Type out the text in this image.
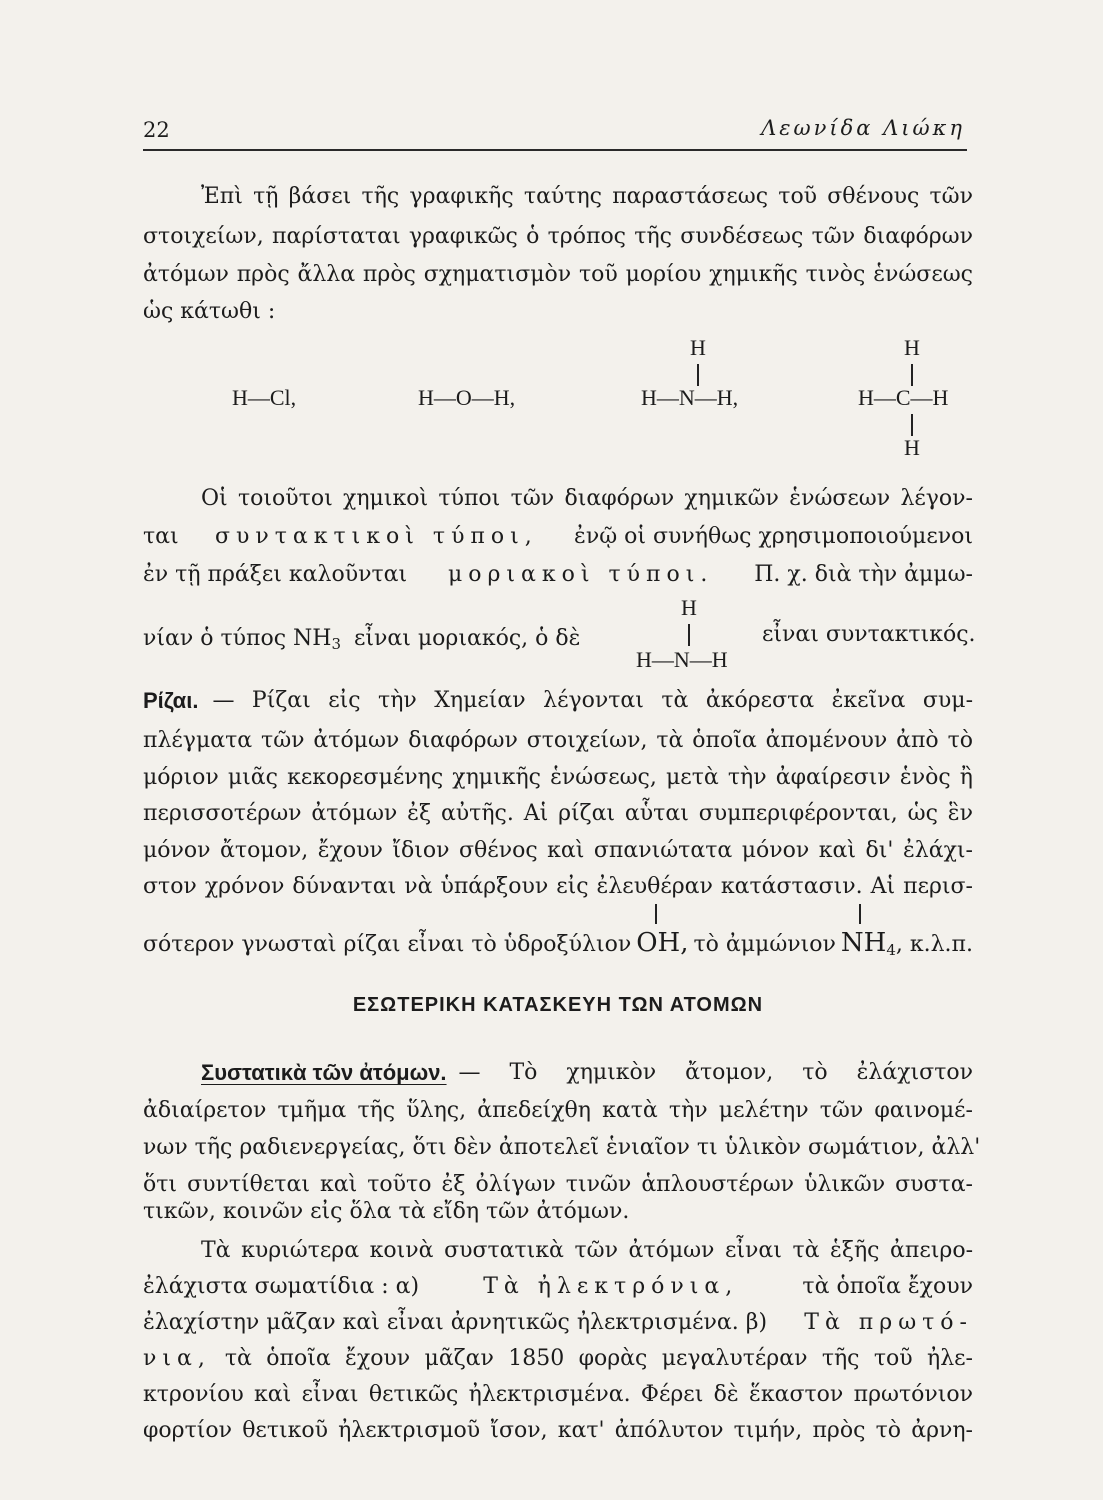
22	Λεωνίδα Λιώκη
Ἐπὶ τῇ βάσει τῆς γραφικῆς ταύτης παραστάσεως τοῦ σθένους τῶν
στοιχείων, παρίσταται γραφικῶς ὁ τρόπος τῆς συνδέσεως τῶν διαφόρων
ἀτόμων πρὸς ἄλλα πρὸς σχηματισμὸν τοῦ μορίου χημικῆς τινὸς ἑνώσεως
ὡς κάτωθι :
H—Cl,	H—O—H,
H
H—N—H,
H
H—C—H
H
Οἱ τοιοῦτοι χημικοὶ τύποι τῶν διαφόρων χημικῶν ἑνώσεων λέγον-
ται συντακτικοὶ τύποι, ἐνῷ οἱ συνήθως χρησιμοποιούμενοι
ἐν τῇ πράξει καλοῦνται μοριακοὶ τύποι. Π. χ. διὰ τὴν ἀμμω-
νίαν ὁ τύπος $NH_3$ εἶναι μοριακός, ὁ δὲ
H
H—N—H
εἶναι συντακτικός.
Ρίζαι. — Ρίζαι εἰς τὴν Χημείαν λέγονται τὰ ἀκόρεστα ἐκεῖνα συμ-
πλέγματα τῶν ἀτόμων διαφόρων στοιχείων, τὰ ὁποῖα ἀπομένουν ἀπὸ τὸ
μόριον μιᾶς κεκορεσμένης χημικῆς ἑνώσεως, μετὰ τὴν ἀφαίρεσιν ἑνὸς ἢ
περισσοτέρων ἀτόμων ἐξ αὐτῆς. Αἱ ρίζαι αὗται συμπεριφέρονται, ὡς ἓν
μόνον ἄτομον, ἔχουν ἴδιον σθένος καὶ σπανιώτατα μόνον καὶ δι' ἐλάχι-
στον χρόνον δύνανται νὰ ὑπάρξουν εἰς ἐλευθέραν κατάστασιν. Αἱ περισ-
σότερον γνωσταὶ ρίζαι εἶναι τὸ ὑδροξύλιον OH, τὸ ἀμμώνιον $NH_4$, κ.λ.π.
ΕΣΩΤΕΡΙΚΗ ΚΑΤΑΣΚΕΥΗ ΤΩΝ ΑΤΟΜΩΝ
Συστατικὰ τῶν ἀτόμων. — Τὸ χημικὸν ἄτομον, τὸ ἐλάχιστον
ἀδιαίρετον τμῆμα τῆς ὕλης, ἀπεδείχθη κατὰ τὴν μελέτην τῶν φαινομέ-
νων τῆς ραδιενεργείας, ὅτι δὲν ἀποτελεῖ ἑνιαῖον τι ὑλικὸν σωμάτιον, ἀλλ'
ὅτι συντίθεται καὶ τοῦτο ἐξ ὀλίγων τινῶν ἁπλουστέρων ὑλικῶν συστα-
τικῶν, κοινῶν εἰς ὅλα τὰ εἴδη τῶν ἀτόμων.
Τὰ κυριώτερα κοινὰ συστατικὰ τῶν ἀτόμων εἶναι τὰ ἑξῆς ἀπειρο-
ἐλάχιστα σωματίδια : α)	Τὰ ἠλεκτρόνια,	τὰ ὁποῖα ἔχουν
ἐλαχίστην μᾶζαν καὶ εἶναι ἀρνητικῶς ἠλεκτρισμένα. β) Τὰ πρωτό-
νια, τὰ ὁποῖα ἔχουν μᾶζαν 1850 φορὰς μεγαλυτέραν τῆς τοῦ ἠλε-
κτρονίου καὶ εἶναι θετικῶς ἠλεκτρισμένα. Φέρει δὲ ἕκαστον πρωτόνιον
φορτίον θετικοῦ ἠλεκτρισμοῦ ἴσον, κατ' ἀπόλυτον τιμήν, πρὸς τὸ ἀρνη-
